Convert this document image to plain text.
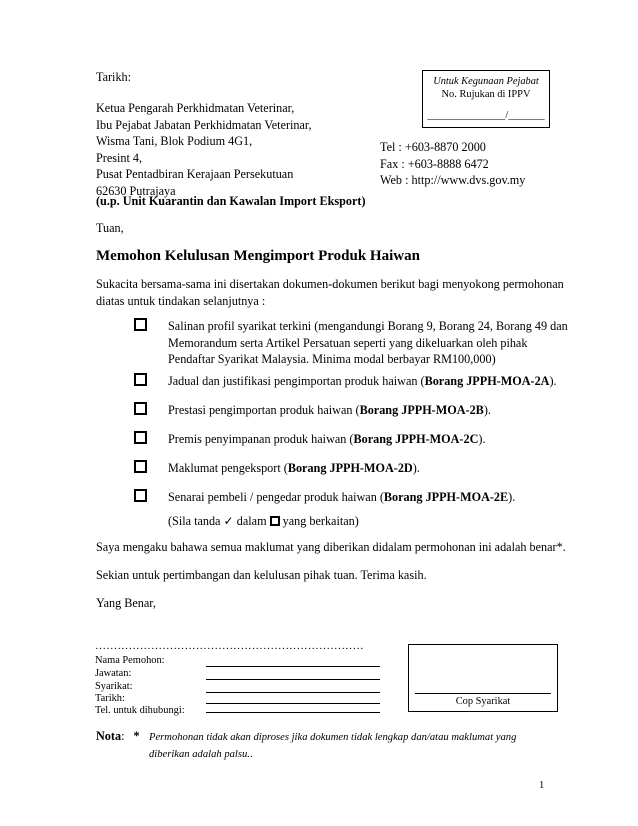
Tarikh:	Untuk Kegunaan Pejabat
No. Rujukan di IPPV
_______________/_______
Ketua Pengarah Perkhidmatan Veterinar,
Ibu Pejabat Jabatan Perkhidmatan Veterinar,
Wisma Tani, Blok Podium 4G1,
Presint 4,
Pusat Pentadbiran Kerajaan Persekutuan
62630 Putrajaya
Tel : +603-8870 2000
Fax : +603-8888 6472
Web : http://www.dvs.gov.my
(u.p. Unit Kuarantin dan Kawalan Import Eksport)
Tuan,
Memohon Kelulusan Mengimport Produk Haiwan
Sukacita bersama-sama ini disertakan dokumen-dokumen berikut bagi menyokong permohonan
diatas untuk tindakan selanjutnya :
Salinan profil syarikat terkini (mengandungi Borang 9, Borang 24, Borang 49 dan
Memorandum serta Artikel Persatuan seperti yang dikeluarkan oleh pihak
Pendaftar Syarikat Malaysia. Minima modal berbayar RM100,000)
Jadual dan justifikasi pengimportan produk haiwan (Borang JPPH-MOA-2A).
Prestasi pengimportan produk haiwan (Borang JPPH-MOA-2B).
Premis penyimpanan produk haiwan (Borang JPPH-MOA-2C).
Maklumat pengeksport (Borang JPPH-MOA-2D).
Senarai pembeli / pengedar produk haiwan (Borang JPPH-MOA-2E).
(Sila tanda ✓ dalam yang berkaitan)
Saya mengaku bahawa semua maklumat yang diberikan didalam permohonan ini adalah benar*.
Sekian untuk pertimbangan dan kelulusan pihak tuan. Terima kasih.
Yang Benar,
………………………………………………………………
Nama Pemohon:
Jawatan:
Syarikat:
Tarikh:
Tel. untuk dihubungi:
Cop Syarikat
Nota: * Permohonan tidak akan diproses jika dokumen tidak lengkap dan/atau maklumat yang
diberikan adalah palsu..
1
